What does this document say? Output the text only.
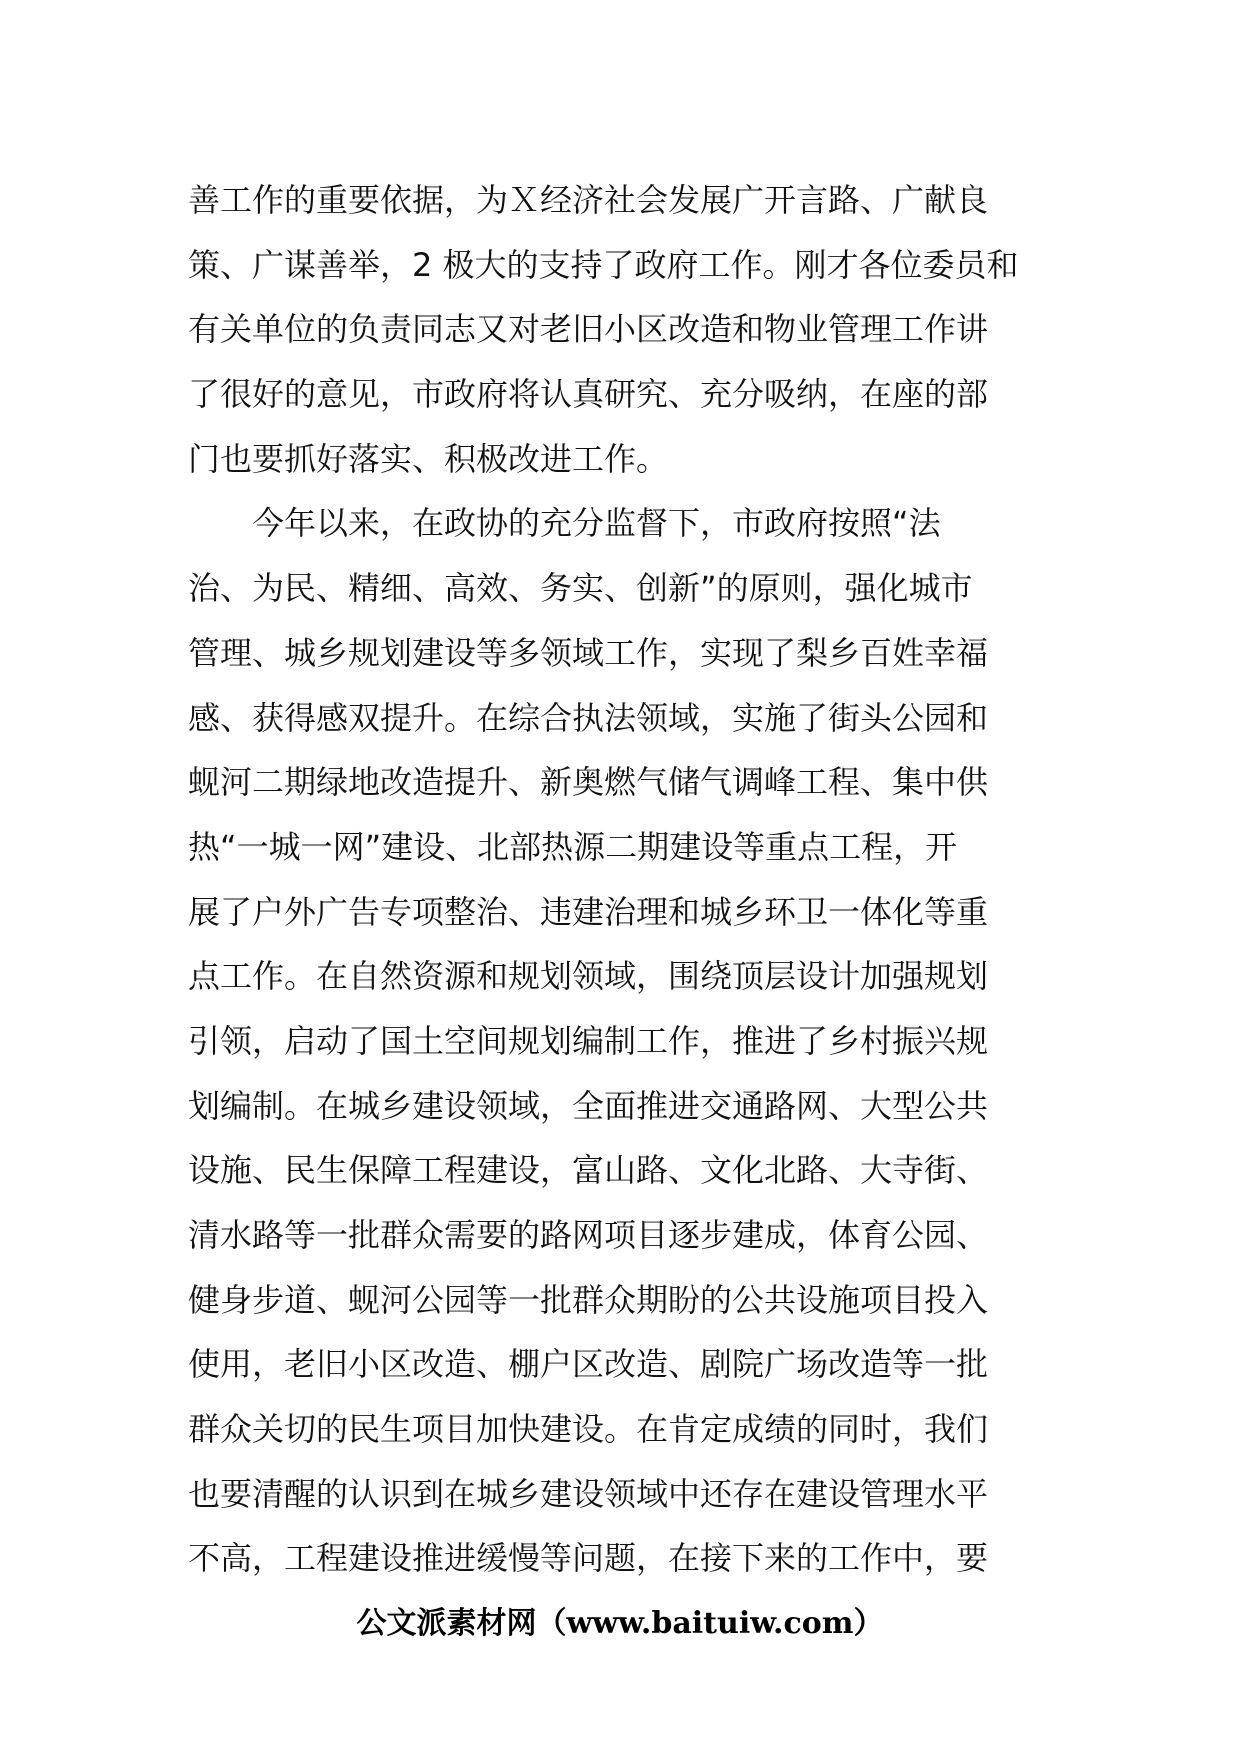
善工作的重要依据，为Ｘ经济社会发展广开言路、广献良
策、广谋善举，2 极大的支持了政府工作。刚才各位委员和
有关单位的负责同志又对老旧小区改造和物业管理工作讲
了很好的意见，市政府将认真研究、充分吸纳，在座的部
门也要抓好落实、积极改进工作。
　　今年以来，在政协的充分监督下，市政府按照“法
治、为民、精细、高效、务实、创新”的原则，强化城市
管理、城乡规划建设等多领域工作，实现了梨乡百姓幸福
感、获得感双提升。在综合执法领域，实施了街头公园和
蚬河二期绿地改造提升、新奥燃气储气调峰工程、集中供
热“一城一网”建设、北部热源二期建设等重点工程，开
展了户外广告专项整治、违建治理和城乡环卫一体化等重
点工作。在自然资源和规划领域，围绕顶层设计加强规划
引领，启动了国土空间规划编制工作，推进了乡村振兴规
划编制。在城乡建设领域，全面推进交通路网、大型公共
设施、民生保障工程建设，富山路、文化北路、大寺街、
清水路等一批群众需要的路网项目逐步建成，体育公园、
健身步道、蚬河公园等一批群众期盼的公共设施项目投入
使用，老旧小区改造、棚户区改造、剧院广场改造等一批
群众关切的民生项目加快建设。在肯定成绩的同时，我们
也要清醒的认识到在城乡建设领域中还存在建设管理水平
不高，工程建设推进缓慢等问题，在接下来的工作中，要
公文派素材网（www.baituiw.com）
